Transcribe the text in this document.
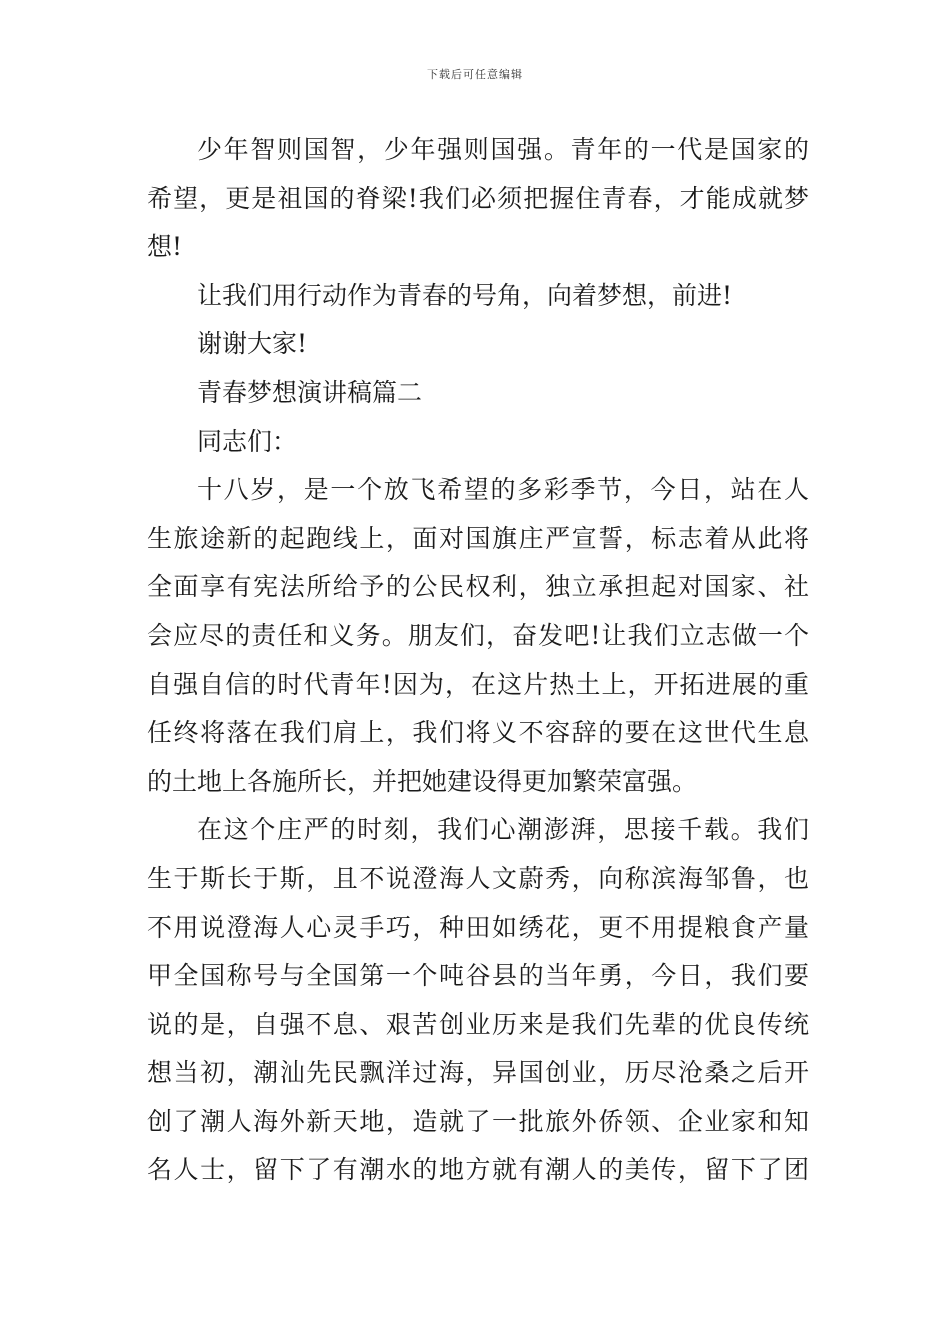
下载后可任意编辑
少年智则国智，少年强则国强。青年的一代是国家的
希望，更是祖国的脊梁!我们必须把握住青春，才能成就梦
想!
让我们用行动作为青春的号角，向着梦想，前进!
谢谢大家!
青春梦想演讲稿篇二
同志们：
十八岁，是一个放飞希望的多彩季节，今日，站在人
生旅途新的起跑线上，面对国旗庄严宣誓，标志着从此将
全面享有宪法所给予的公民权利，独立承担起对国家、社
会应尽的责任和义务。朋友们，奋发吧!让我们立志做一个
自强自信的时代青年!因为，在这片热土上，开拓进展的重
任终将落在我们肩上，我们将义不容辞的要在这世代生息
的土地上各施所长，并把她建设得更加繁荣富强。
在这个庄严的时刻，我们心潮澎湃，思接千载。我们
生于斯长于斯，且不说澄海人文蔚秀，向称滨海邹鲁，也
不用说澄海人心灵手巧，种田如绣花，更不用提粮食产量
甲全国称号与全国第一个吨谷县的当年勇，今日，我们要
说的是，自强不息、艰苦创业历来是我们先辈的优良传统
想当初，潮汕先民飘洋过海，异国创业，历尽沧桑之后开
创了潮人海外新天地，造就了一批旅外侨领、企业家和知
名人士，留下了有潮水的地方就有潮人的美传，留下了团
